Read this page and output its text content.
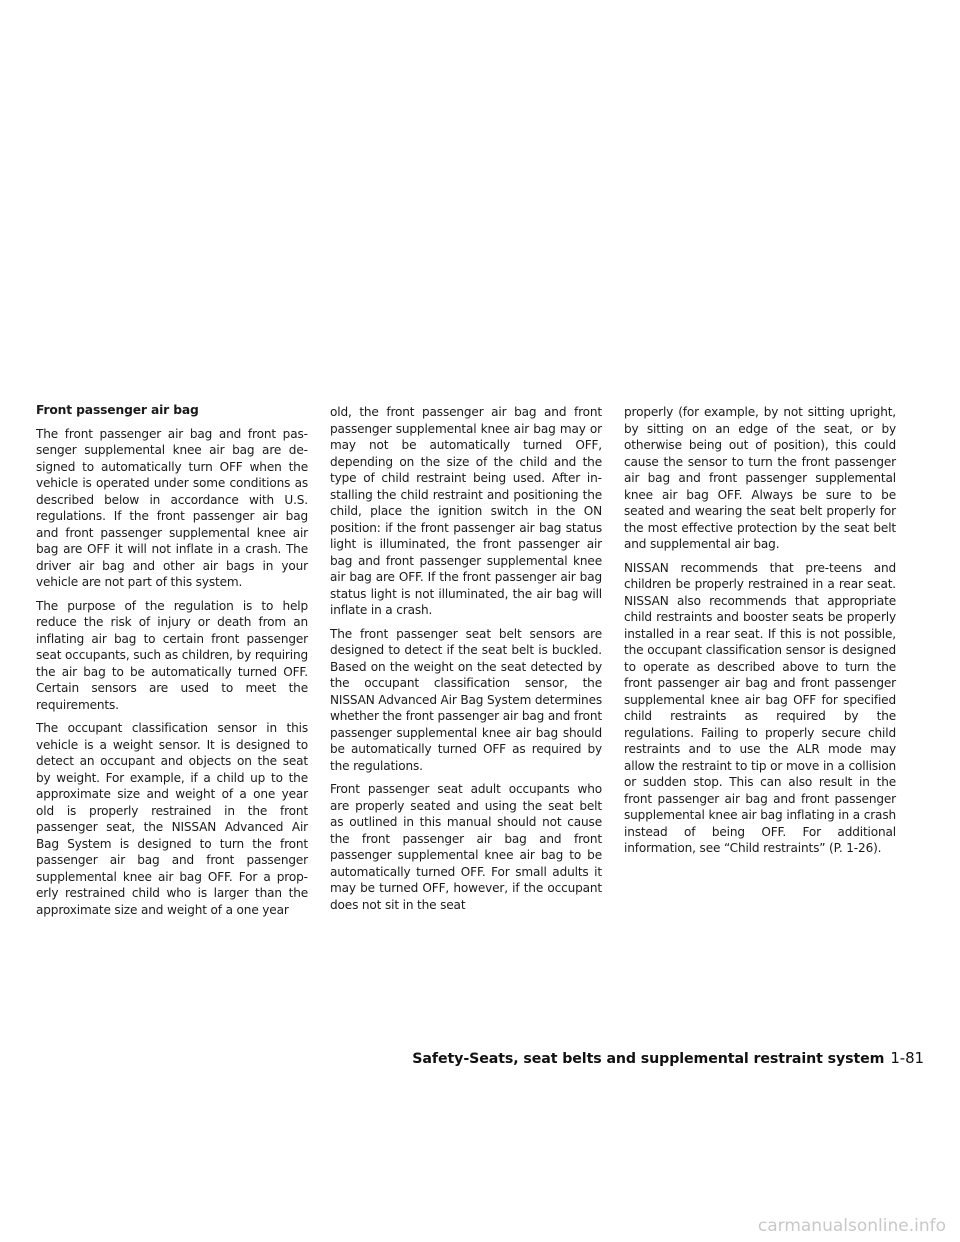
Front passenger air bag

The front passenger air bag and front passenger supplemental knee air bag are designed to automatically turn OFF when the vehicle is operated under some conditions as described below in accordance with U.S. regulations. If the front passenger air bag and front passenger supplemental knee air bag are OFF it will not inflate in a crash. The driver air bag and other air bags in your vehicle are not part of this system.

The purpose of the regulation is to help reduce the risk of injury or death from an inflating air bag to certain front passenger seat occupants, such as children, by requiring the air bag to be automatically turned OFF. Certain sensors are used to meet the requirements.

The occupant classification sensor in this vehicle is a weight sensor. It is designed to detect an occupant and objects on the seat by weight. For example, if a child up to the approximate size and weight of a one year old is properly restrained in the front passenger seat, the NISSAN Advanced Air Bag System is designed to turn the front passenger air bag and front passenger supplemental knee air bag OFF. For a properly restrained child who is larger than the approximate size and weight of a one year

old, the front passenger air bag and front passenger supplemental knee air bag may or may not be automatically turned OFF, depending on the size of the child and the type of child restraint being used. After installing the child restraint and positioning the child, place the ignition switch in the ON position: if the front passenger air bag status light is illuminated, the front passenger air bag and front passenger supplemental knee air bag are OFF. If the front passenger air bag status light is not illuminated, the air bag will inflate in a crash.

The front passenger seat belt sensors are designed to detect if the seat belt is buckled. Based on the weight on the seat detected by the occupant classification sensor, the NISSAN Advanced Air Bag System determines whether the front passenger air bag and front passenger supplemental knee air bag should be automatically turned OFF as required by the regulations.

Front passenger seat adult occupants who are properly seated and using the seat belt as outlined in this manual should not cause the front passenger air bag and front passenger supplemental knee air bag to be automatically turned OFF. For small adults it may be turned OFF, however, if the occupant does not sit in the seat

properly (for example, by not sitting upright, by sitting on an edge of the seat, or by otherwise being out of position), this could cause the sensor to turn the front passenger air bag and front passenger supplemental knee air bag OFF. Always be sure to be seated and wearing the seat belt properly for the most effective protection by the seat belt and supplemental air bag.

NISSAN recommends that pre-teens and children be properly restrained in a rear seat. NISSAN also recommends that appropriate child restraints and booster seats be properly installed in a rear seat. If this is not possible, the occupant classification sensor is designed to operate as described above to turn the front passenger air bag and front passenger supplemental knee air bag OFF for specified child restraints as required by the regulations. Failing to properly secure child restraints and to use the ALR mode may allow the restraint to tip or move in a collision or sudden stop. This can also result in the front passenger air bag and front passenger supplemental knee air bag inflating in a crash instead of being OFF. For additional information, see “Child restraints” (P. 1-26).

Safety-Seats, seat belts and supplemental restraint system 1-81
carmanualsonline.info
